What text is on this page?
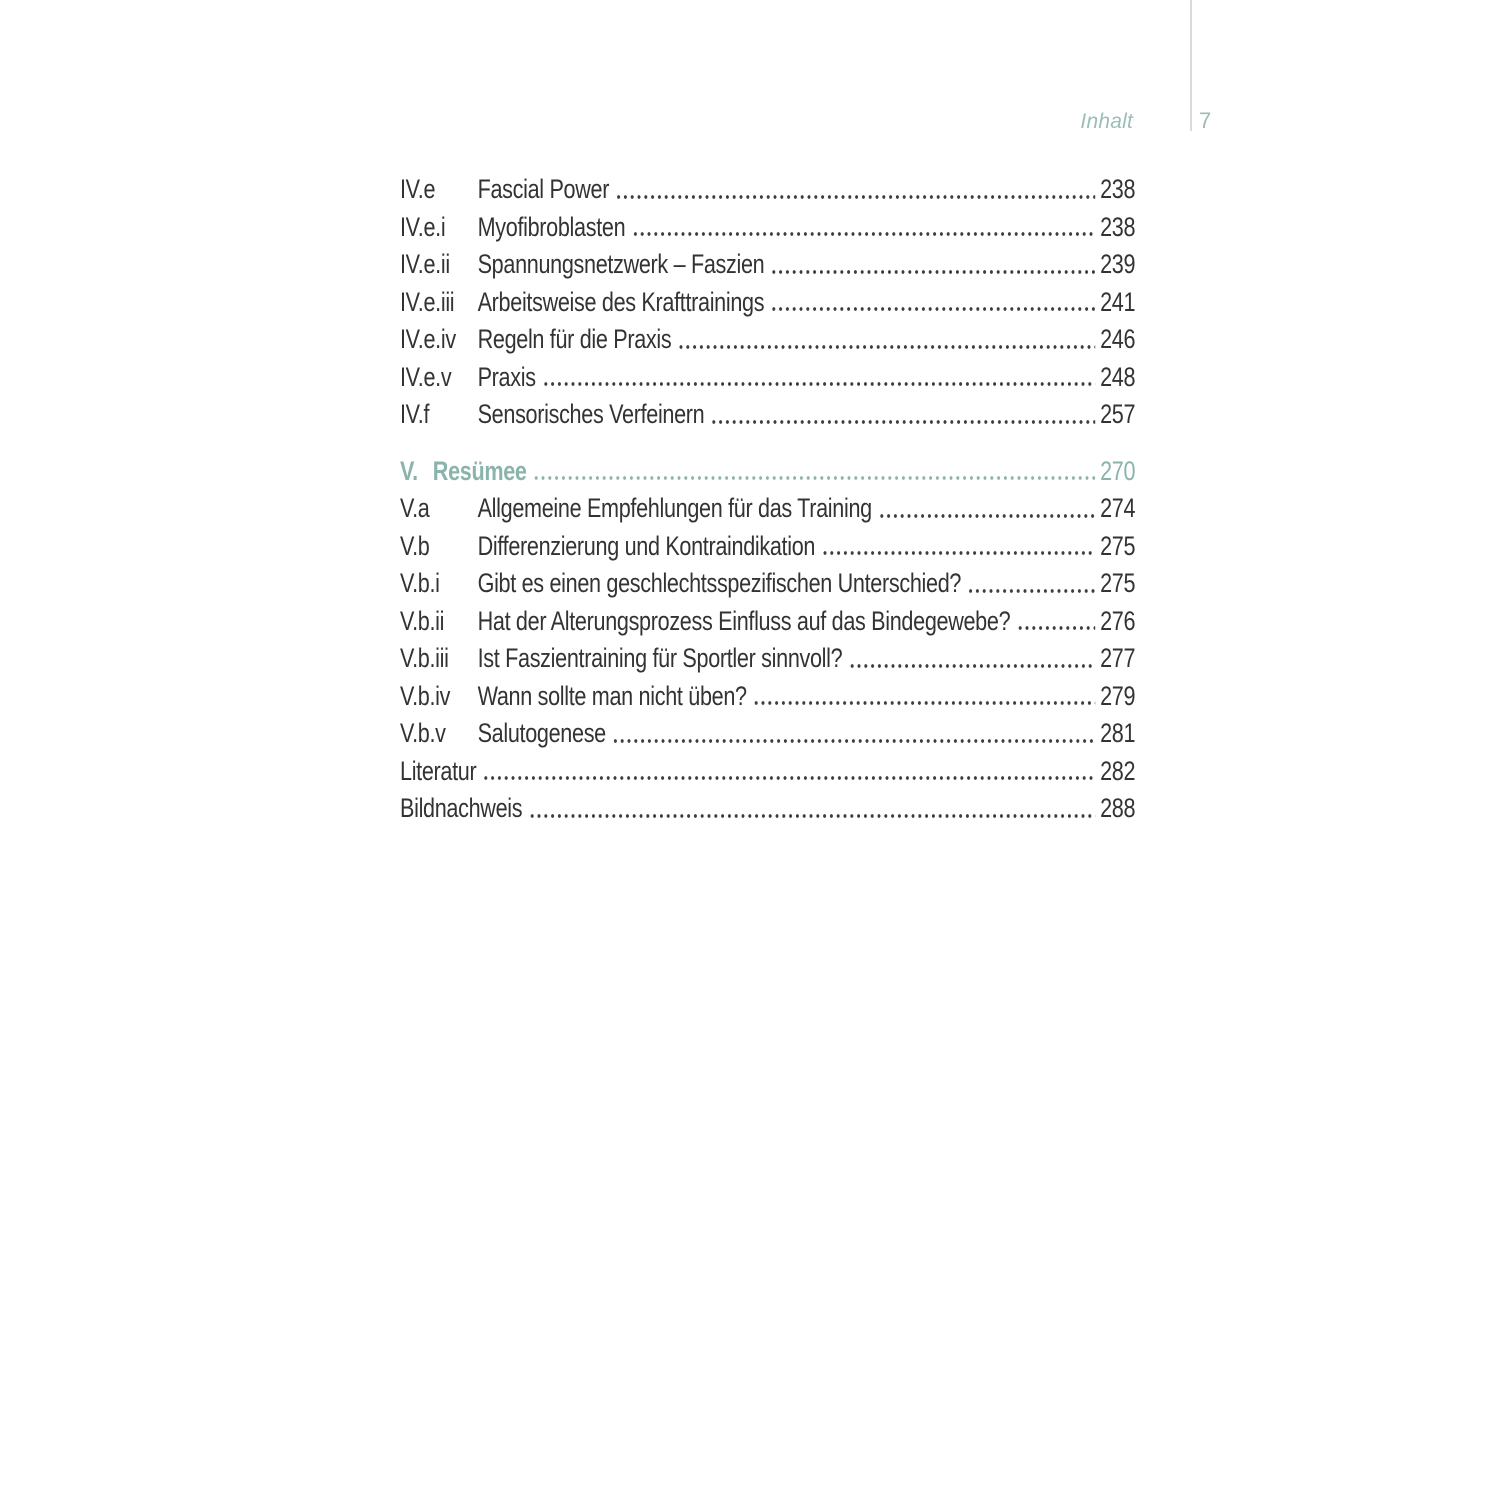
Inhalt	7
IV.e	Fascial Power	238
IV.e.i	Myofibroblasten	238
IV.e.ii	Spannungsnetzwerk – Faszien	239
IV.e.iii Arbeitsweise des Krafttrainings	241
IV.e.iv Regeln für die Praxis	246
IV.e.v Praxis	248
IV.f	Sensorisches Verfeinern	257
V. Resümee	270
V.a	Allgemeine Empfehlungen für das Training	274
V.b	Differenzierung und Kontraindikation	275
V.b.i	Gibt es einen geschlechtsspezifischen Unterschied?	275
V.b.ii	Hat der Alterungsprozess Einfluss auf das Bindegewebe?	276
V.b.iii	Ist Faszientraining für Sportler sinnvoll?	277
V.b.iv	Wann sollte man nicht üben?	279
V.b.v	Salutogenese	281
Literatur	282
Bildnachweis	288
